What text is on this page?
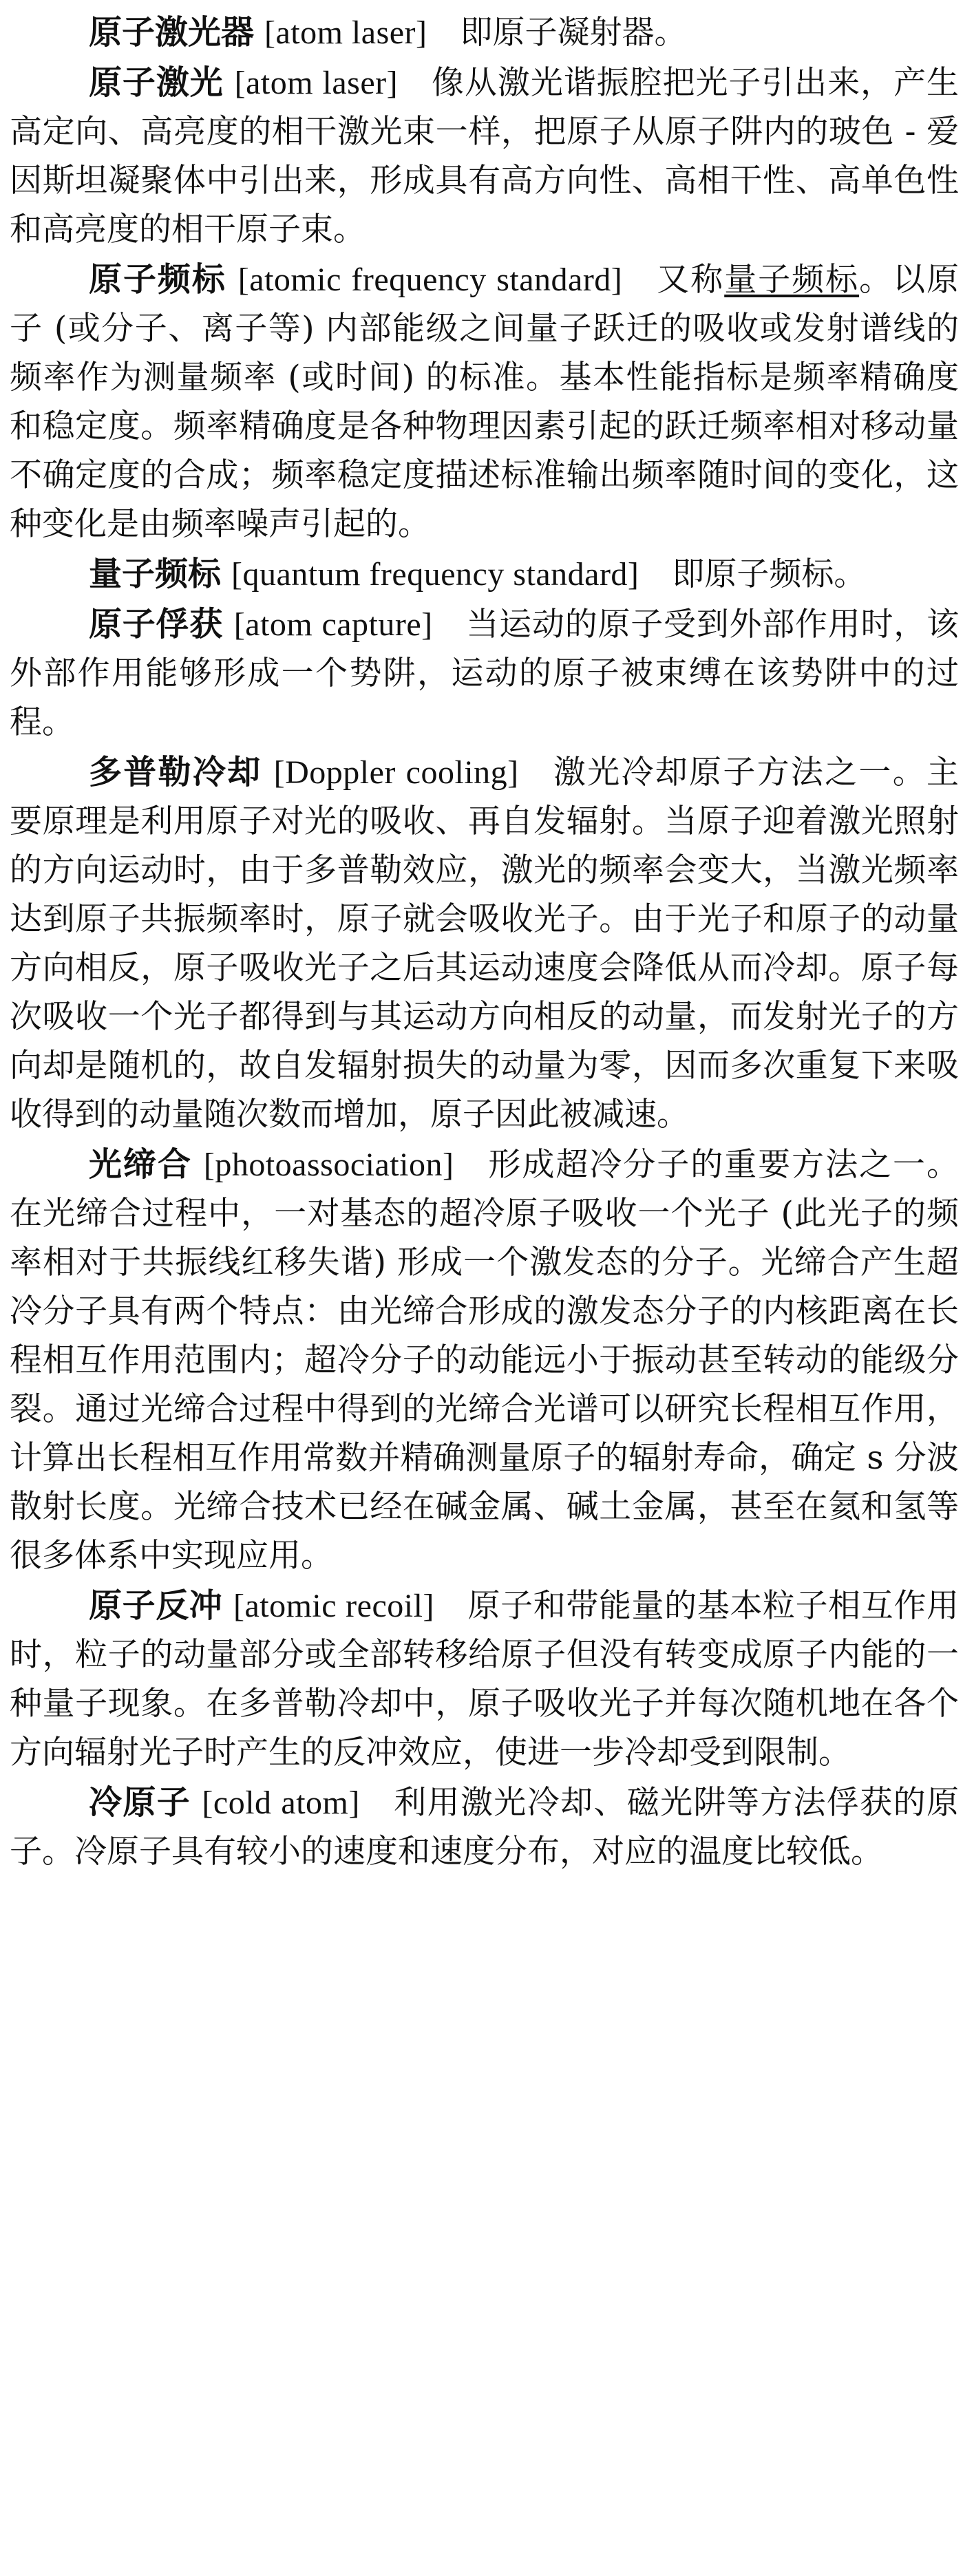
原子激光器 [atom laser] 即原子凝射器。

原子激光 [atom laser] 像从激光谐振腔把光子引出来，产生高定向、高亮度的相干激光束一样，把原子从原子阱内的玻色 - 爱因斯坦凝聚体中引出来，形成具有高方向性、高相干性、高单色性和高亮度的相干原子束。

原子频标 [atomic frequency standard] 又称量子频标。以原子 (或分子、离子等) 内部能级之间量子跃迁的吸收或发射谱线的频率作为测量频率 (或时间) 的标准。基本性能指标是频率精确度和稳定度。频率精确度是各种物理因素引起的跃迁频率相对移动量不确定度的合成；频率稳定度描述标准输出频率随时间的变化，这种变化是由频率噪声引起的。

量子频标 [quantum frequency standard] 即原子频标。

原子俘获 [atom capture] 当运动的原子受到外部作用时，该外部作用能够形成一个势阱，运动的原子被束缚在该势阱中的过程。

多普勒冷却 [Doppler cooling] 激光冷却原子方法之一。主要原理是利用原子对光的吸收、再自发辐射。当原子迎着激光照射的方向运动时，由于多普勒效应，激光的频率会变大，当激光频率达到原子共振频率时，原子就会吸收光子。由于光子和原子的动量方向相反，原子吸收光子之后其运动速度会降低从而冷却。原子每次吸收一个光子都得到与其运动方向相反的动量，而发射光子的方向却是随机的，故自发辐射损失的动量为零，因而多次重复下来吸收得到的动量随次数而增加，原子因此被减速。

光缔合 [photoassociation] 形成超冷分子的重要方法之一。在光缔合过程中，一对基态的超冷原子吸收一个光子 (此光子的频率相对于共振线红移失谐) 形成一个激发态的分子。光缔合产生超冷分子具有两个特点：由光缔合形成的激发态分子的内核距离在长程相互作用范围内；超冷分子的动能远小于振动甚至转动的能级分裂。通过光缔合过程中得到的光缔合光谱可以研究长程相互作用，计算出长程相互作用常数并精确测量原子的辐射寿命，确定 s 分波散射长度。光缔合技术已经在碱金属、碱土金属，甚至在氦和氢等很多体系中实现应用。

原子反冲 [atomic recoil] 原子和带能量的基本粒子相互作用时，粒子的动量部分或全部转移给原子但没有转变成原子内能的一种量子现象。在多普勒冷却中，原子吸收光子并每次随机地在各个方向辐射光子时产生的反冲效应，使进一步冷却受到限制。

冷原子 [cold atom] 利用激光冷却、磁光阱等方法俘获的原子。冷原子具有较小的速度和速度分布，对应的温度比较低。
